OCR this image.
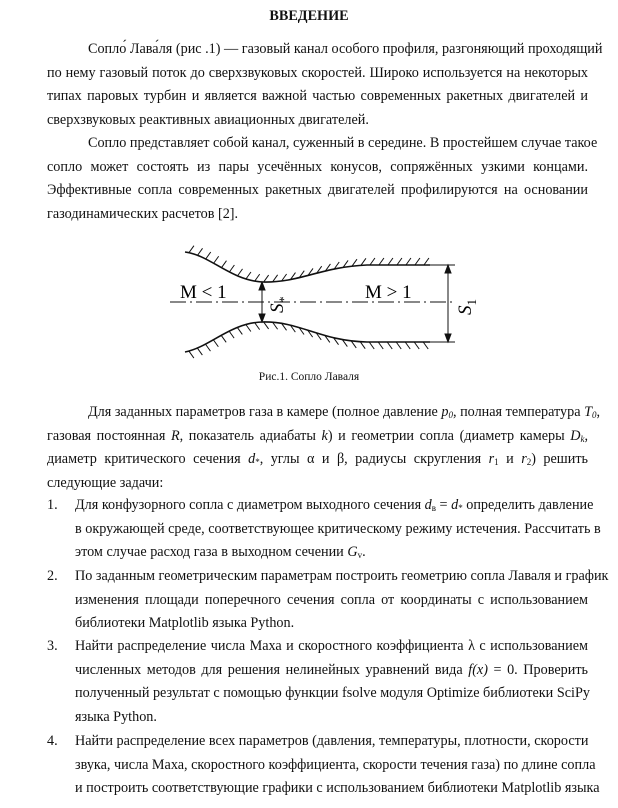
ВВЕДЕНИЕ
Сопло́ Лава́ля (рис .1) — газовый канал особого профиля, разгоняющий проходящий
по нему газовый поток до сверхзвуковых скоростей. Широко используется на некоторых
типах паровых турбин и является важной частью современных ракетных двигателей и
сверхзвуковых реактивных авиационных двигателей.
Сопло представляет собой канал, суженный в середине. В простейшем случае такое
сопло может состоять из пары усечённых конусов, сопряжённых узкими концами.
Эффективные сопла современных ракетных двигателей профилируются на основании
газодинамических расчетов [2].
M < 1	M > 1
$S_*$
$S_1$
Рис.1. Сопло Лаваля
Для заданных параметров газа в камере (полное давление $p_0$, полная температура $T_0$,
газовая постоянная R, показатель адиабаты k) и геометрии сопла (диаметр камеры $D_k$,
диаметр критического сечения $d_*$, углы α и β, радиусы скругления $r_1$ и $r_2$) решить
следующие задачи:
1. Для конфузорного сопла с диаметром выходного сечения $d_в = d_*$ определить давление
в окружающей среде, соответствующее критическому режиму истечения. Рассчитать в
этом случае расход газа в выходном сечении $G_v$.
2. По заданным геометрическим параметрам построить геометрию сопла Лаваля и график
изменения площади поперечного сечения сопла от координаты с использованием
библиотеки Matplotlib языка Python.
3. Найти распределение числа Маха и скоростного коэффициента λ с использованием
численных методов для решения нелинейных уравнений вида f(x) = 0. Проверить
полученный результат с помощью функции fsolve модуля Optimize библиотеки SciPy
языка Python.
4. Найти распределение всех параметров (давления, температуры, плотности, скорости
звука, числа Маха, скоростного коэффициента, скорости течения газа) по длине сопла
и построить соответствующие графики с использованием библиотеки Matplotlib языка
